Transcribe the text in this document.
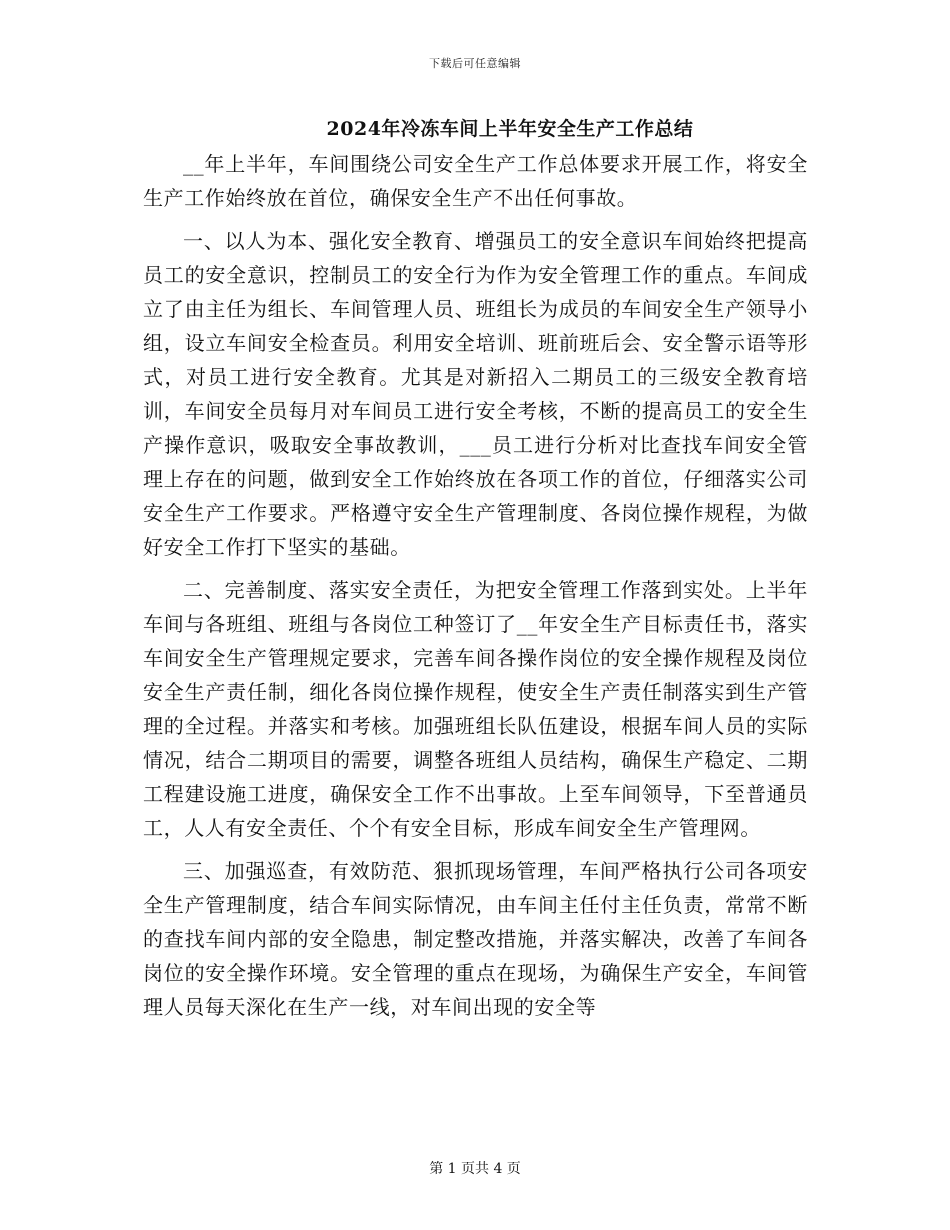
下载后可任意编辑
2024年冷冻车间上半年安全生产工作总结

__年上半年，车间围绕公司安全生产工作总体要求开展工作，将安全生产工作始终放在首位，确保安全生产不出任何事故。

一、以人为本、强化安全教育、增强员工的安全意识车间始终把提高员工的安全意识，控制员工的安全行为作为安全管理工作的重点。车间成立了由主任为组长、车间管理人员、班组长为成员的车间安全生产领导小组，设立车间安全检查员。利用安全培训、班前班后会、安全警示语等形式，对员工进行安全教育。尤其是对新招入二期员工的三级安全教育培训，车间安全员每月对车间员工进行安全考核，不断的提高员工的安全生产操作意识，吸取安全事故教训，___员工进行分析对比查找车间安全管理上存在的问题，做到安全工作始终放在各项工作的首位，仔细落实公司安全生产工作要求。严格遵守安全生产管理制度、各岗位操作规程，为做好安全工作打下坚实的基础。

二、完善制度、落实安全责任，为把安全管理工作落到实处。上半年车间与各班组、班组与各岗位工种签订了__年安全生产目标责任书，落实车间安全生产管理规定要求，完善车间各操作岗位的安全操作规程及岗位安全生产责任制，细化各岗位操作规程，使安全生产责任制落实到生产管理的全过程。并落实和考核。加强班组长队伍建设，根据车间人员的实际情况，结合二期项目的需要，调整各班组人员结构，确保生产稳定、二期工程建设施工进度，确保安全工作不出事故。上至车间领导，下至普通员工，人人有安全责任、个个有安全目标，形成车间安全生产管理网。

三、加强巡查，有效防范、狠抓现场管理，车间严格执行公司各项安全生产管理制度，结合车间实际情况，由车间主任付主任负责，常常不断的查找车间内部的安全隐患，制定整改措施，并落实解决，改善了车间各岗位的安全操作环境。安全管理的重点在现场，为确保生产安全，车间管理人员每天深化在生产一线，对车间出现的安全等

第 1 页共 4 页
